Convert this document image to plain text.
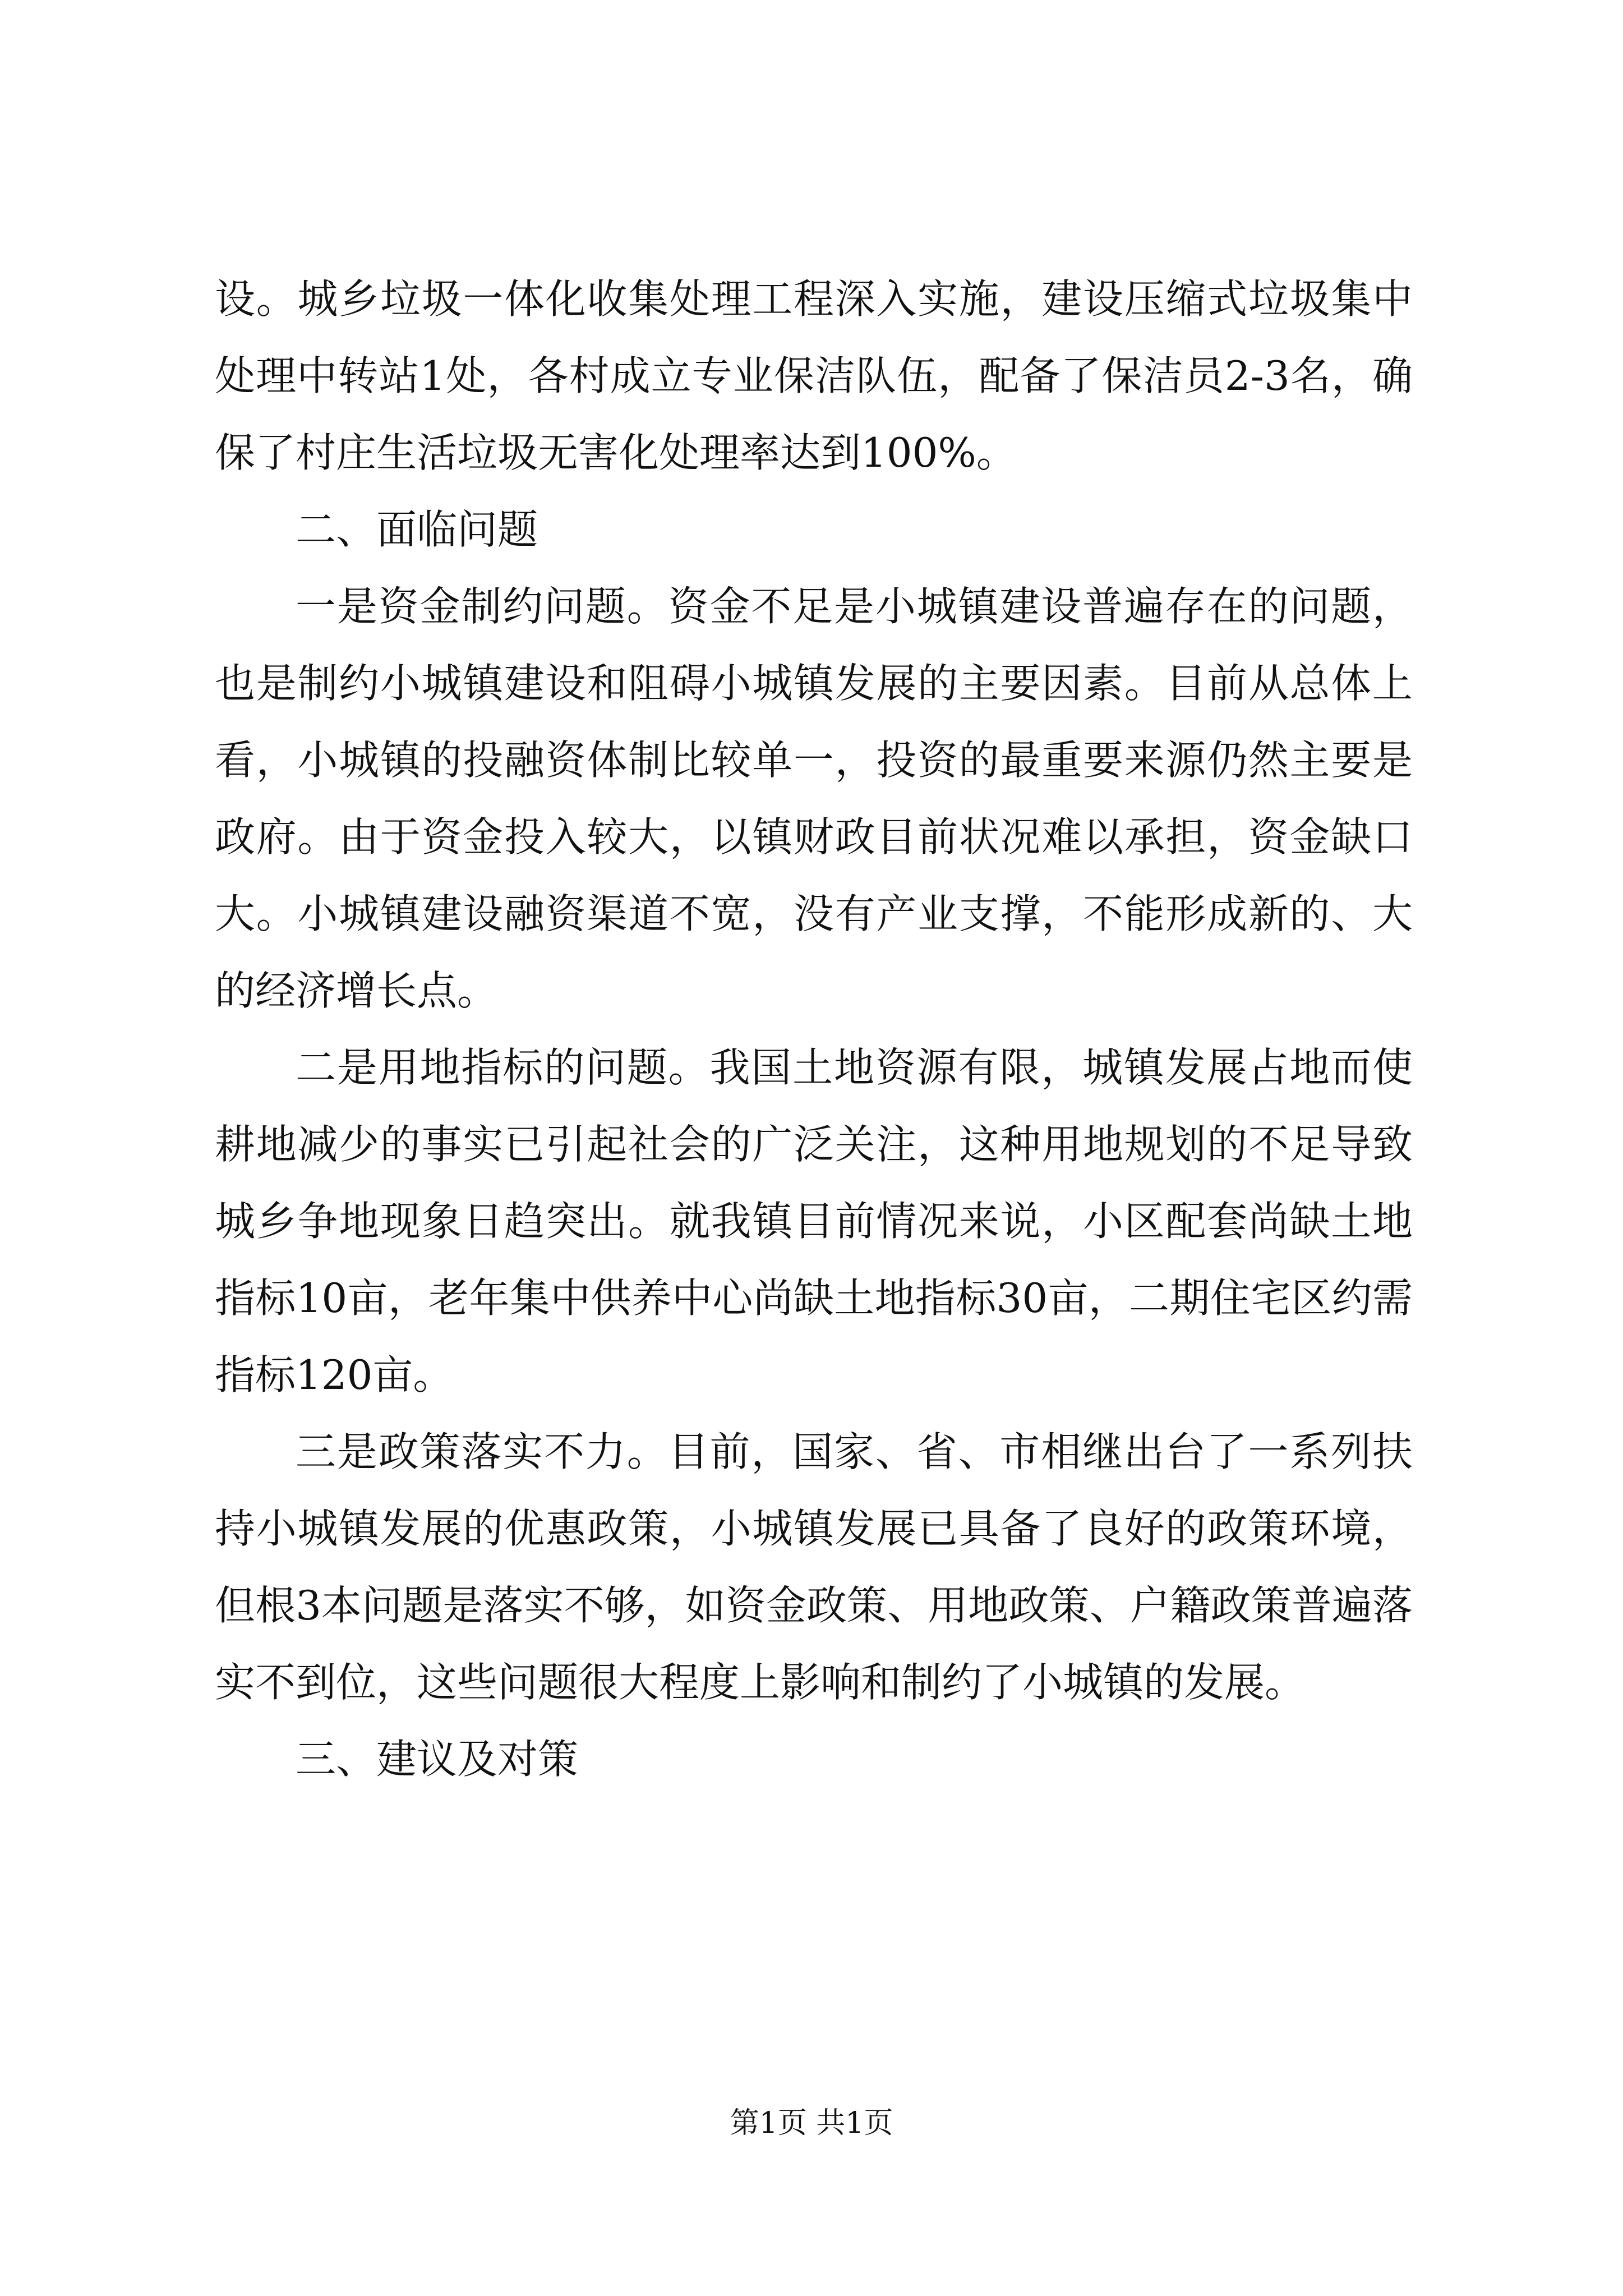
设。城乡垃圾一体化收集处理工程深入实施，建设压缩式垃圾集中处理中转站1处，各村成立专业保洁队伍，配备了保洁员2-3名，确保了村庄生活垃圾无害化处理率达到100%。

二、面临问题

一是资金制约问题。资金不足是小城镇建设普遍存在的问题，也是制约小城镇建设和阻碍小城镇发展的主要因素。目前从总体上看，小城镇的投融资体制比较单一，投资的最重要来源仍然主要是政府。由于资金投入较大，以镇财政目前状况难以承担，资金缺口大。小城镇建设融资渠道不宽，没有产业支撑，不能形成新的、大的经济增长点。

二是用地指标的问题。我国土地资源有限，城镇发展占地而使耕地减少的事实已引起社会的广泛关注，这种用地规划的不足导致城乡争地现象日趋突出。就我镇目前情况来说，小区配套尚缺土地指标10亩，老年集中供养中心尚缺土地指标30亩，二期住宅区约需指标120亩。

三是政策落实不力。目前，国家、省、市相继出台了一系列扶持小城镇发展的优惠政策，小城镇发展已具备了良好的政策环境，但根3本问题是落实不够，如资金政策、用地政策、户籍政策普遍落实不到位，这些问题很大程度上影响和制约了小城镇的发展。

三、建议及对策

第1页 共1页
